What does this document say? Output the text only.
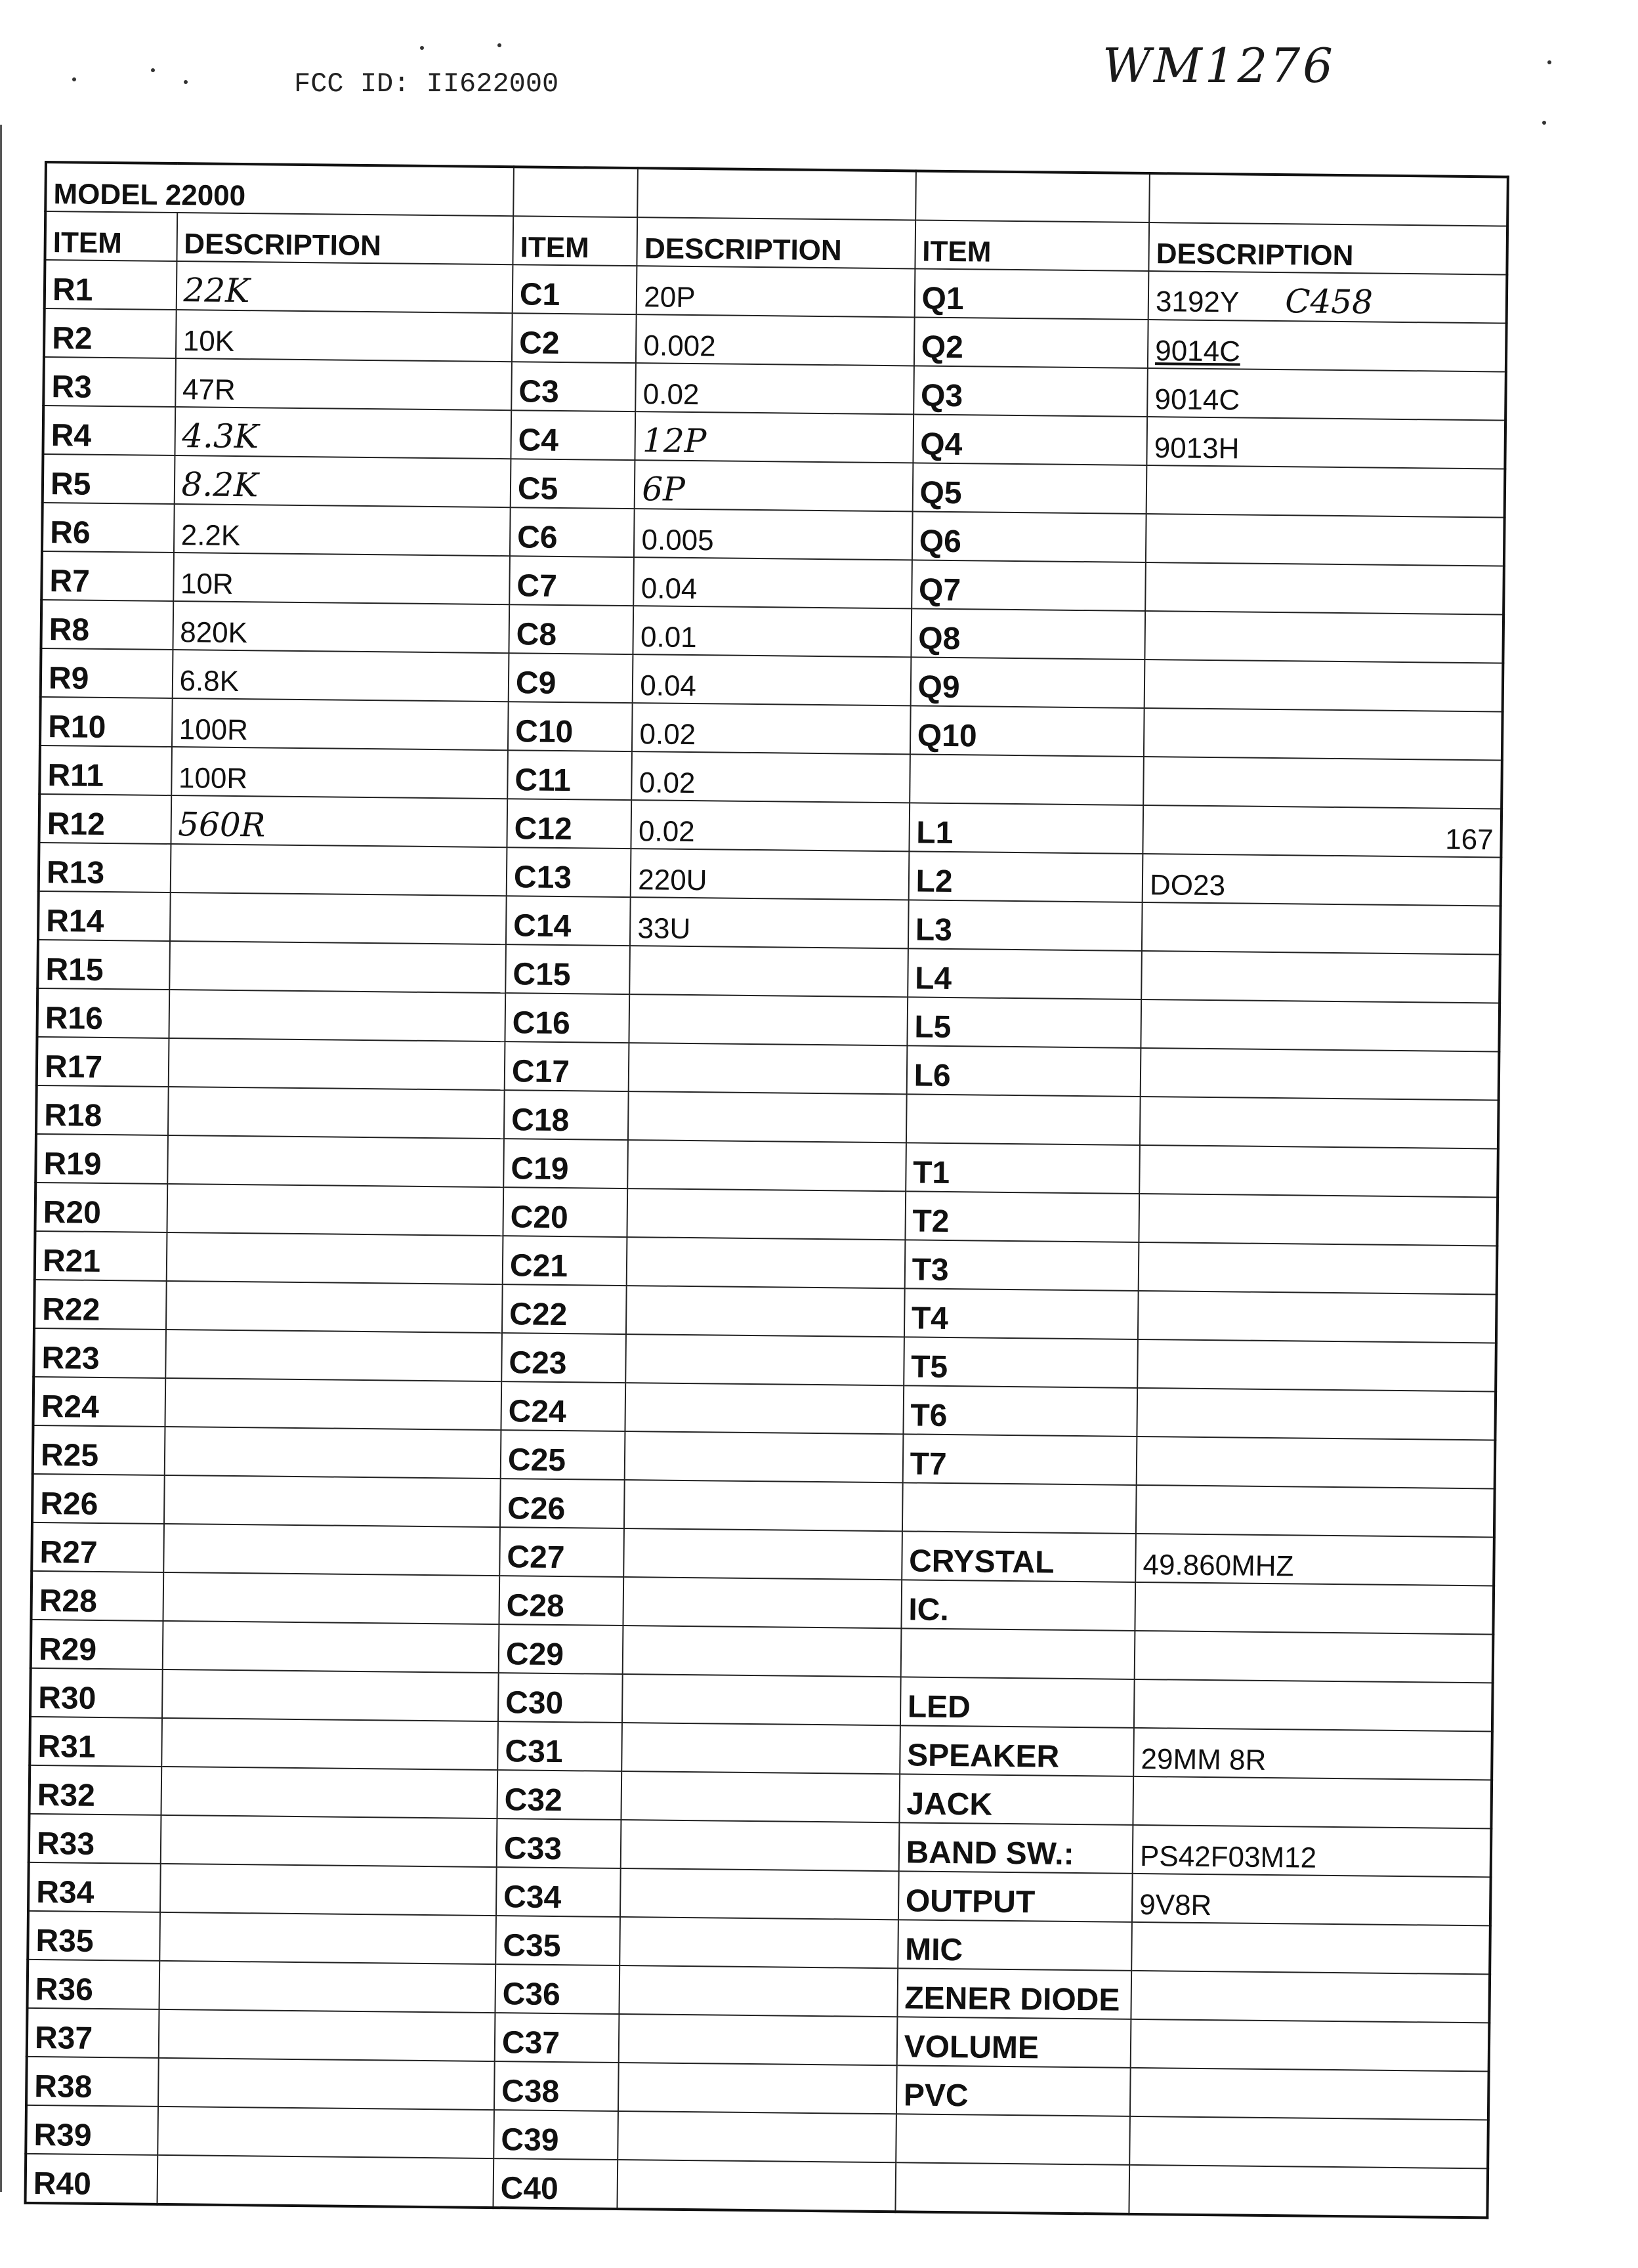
FCC ID: II622000	WM1276
MODEL 22000					
ITEM	DESCRIPTION	ITEM	DESCRIPTION	ITEM	DESCRIPTION
R1	22K	C1	20P	Q1	3192Y C458
R2	10K	C2	0.002	Q2	9014C
R3	47R	C3	0.02	Q3	9014C
R4	4.3K	C4	12P	Q4	9013H
R5	8.2K	C5	6P	Q5	
R6	2.2K	C6	0.005	Q6	
R7	10R	C7	0.04	Q7	
R8	820K	C8	0.01	Q8	
R9	6.8K	C9	0.04	Q9	
R10	100R	C10	0.02	Q10	
R11	100R	C11	0.02		
R12	560R	C12	0.02	L1	167
R13		C13	220U	L2	DO23
R14		C14	33U	L3	
R15		C15		L4	
R16		C16		L5	
R17		C17		L6	
R18		C18			
R19		C19		T1	
R20		C20		T2	
R21		C21		T3	
R22		C22		T4	
R23		C23		T5	
R24		C24		T6	
R25		C25		T7	
R26		C26			
R27		C27		CRYSTAL	49.860MHZ
R28		C28		IC.	
R29		C29			
R30		C30		LED	
R31		C31		SPEAKER	29MM 8R
R32		C32		JACK	
R33		C33		BAND SW.:	PS42F03M12
R34		C34		OUTPUT	9V8R
R35		C35		MIC	
R36		C36		ZENER DIODE	
R37		C37		VOLUME	
R38		C38		PVC	
R39		C39			
R40		C40			
